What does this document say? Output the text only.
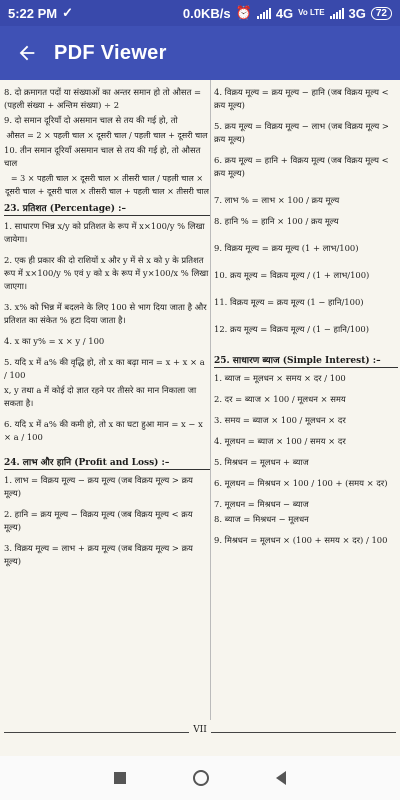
5:22 PM ✓	0.0KB/s ⏰ 4G Vo LTE 3G	72
PDF Viewer
8. दो क्रमागत पदों या संख्याओं का अन्तर समान हो तो औसत = (पहली संख्या + अन्तिम संख्या) ÷ 2
9. दो समान दूरियाँ दो असमान चाल से तय की गई हो, तो
औसत = 2 × पहली चाल × दूसरी चाल / पहली चाल + दूसरी चाल
10. तीन समान दूरियाँ असमान चाल से तय की गई हो, तो औसत चाल
= 3 × पहली चाल × दूसरी चाल × तीसरी चाल / पहली चाल × दूसरी चाल + दूसरी चाल × तीसरी चाल + पहली चाल × तीसरी चाल
23. प्रतिशत (Percentage) :–
1. साधारण भिन्न x/y को प्रतिशत के रूप में x×100/y % लिखा जायेगा।
2. एक ही प्रकार की दो राशियों x और y में से x को y के प्रतिशत रूप में x×100/y % एवं y को x के रूप में y×100/x % लिखा जाएगा।
3. x% को भिन्न में बदलने के लिए 100 से भाग दिया जाता है और प्रतिशत का संकेत % हटा दिया जाता है।
4. x का y% = x × y / 100
5. यदि x में a% की वृद्धि हो, तो x का बढ़ा मान = x + x × a / 100
x, y तथा a में कोई दो ज्ञात रहने पर तीसरे का मान निकाला जा सकता है।
6. यदि x में a% की कमी हो, तो x का घटा हुआ मान = x − x × a / 100
24. लाभ और हानि (Profit and Loss) :–
1. लाभ = विक्रय मूल्य − क्रय मूल्य (जब विक्रय मूल्य > क्रय मूल्य)
2. हानि = क्रय मूल्य − विक्रय मूल्य (जब विक्रय मूल्य < क्रय मूल्य)
3. विक्रय मूल्य = लाभ + क्रय मूल्य (जब विक्रय मूल्य > क्रय मूल्य)
4. विक्रय मूल्य = क्रय मूल्य − हानि (जब विक्रय मूल्य < क्रय मूल्य)
5. क्रय मूल्य = विक्रय मूल्य − लाभ (जब विक्रय मूल्य > क्रय मूल्य)
6. क्रय मूल्य = हानि + विक्रय मूल्य (जब विक्रय मूल्य < क्रय मूल्य)
7. लाभ % = लाभ × 100 / क्रय मूल्य
8. हानि % = हानि × 100 / क्रय मूल्य
9. विक्रय मूल्य = क्रय मूल्य (1 + लाभ/100)
10. क्रय मूल्य = विक्रय मूल्य / (1 + लाभ/100)
11. विक्रय मूल्य = क्रय मूल्य (1 − हानि/100)
12. क्रय मूल्य = विक्रय मूल्य / (1 − हानि/100)
25. साधारण ब्याज (Simple Interest) :–
1. ब्याज = मूलधन × समय × दर / 100
2. दर = ब्याज × 100 / मूलधन × समय
3. समय = ब्याज × 100 / मूलधन × दर
4. मूलधन = ब्याज × 100 / समय × दर
5. मिश्रधन = मूलधन + ब्याज
6. मूलधन = मिश्रधन × 100 / 100 + (समय × दर)
7. मूलधन = मिश्रधन − ब्याज
8. ब्याज = मिश्रधन − मूलधन
9. मिश्रधन = मूलधन × (100 + समय × दर) / 100
VII
